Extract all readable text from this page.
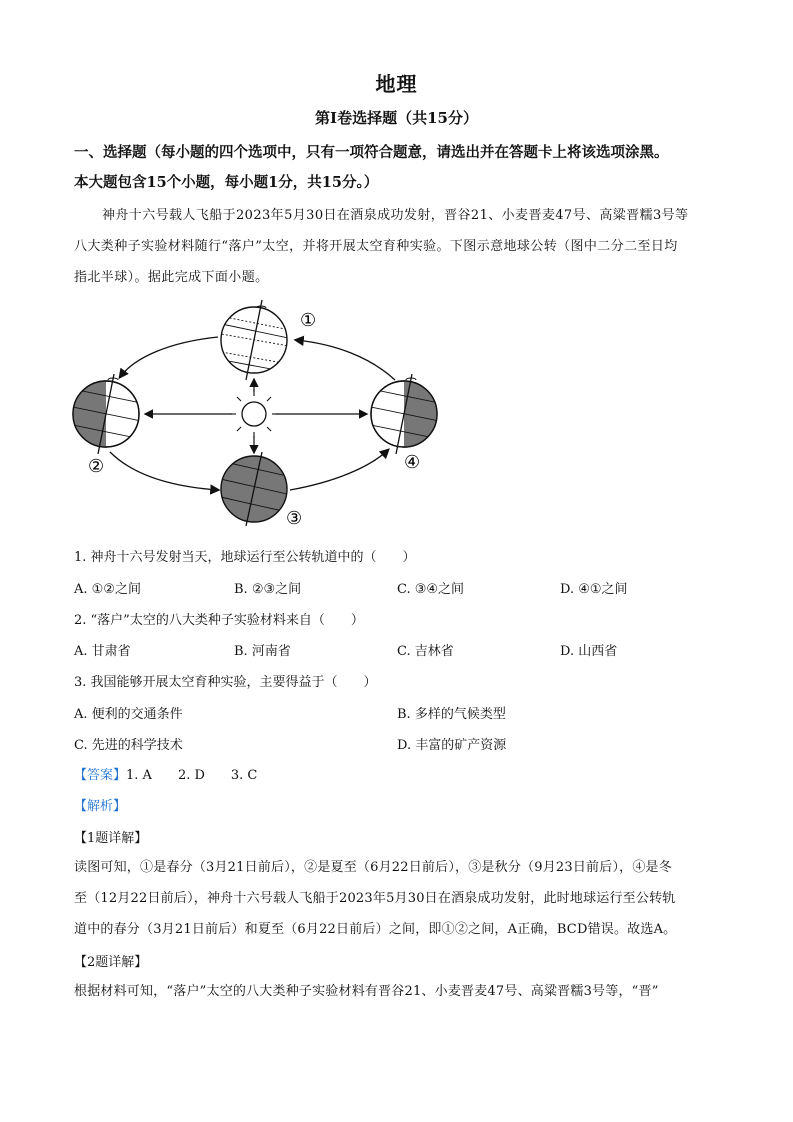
地理
第Ⅰ卷选择题（共15分）
一、选择题（每小题的四个选项中，只有一项符合题意，请选出并在答题卡上将该选项涂黑。
本大题包含15个小题，每小题1分，共15分。）
神舟十六号载人飞船于2023年5月30日在酒泉成功发射，晋谷21、小麦晋麦47号、高粱晋糯3号等
八大类种子实验材料随行“落户”太空，并将开展太空育种实验。下图示意地球公转（图中二分二至日均
指北半球）。据此完成下面小题。
①
②	④
③
1. 神舟十六号发射当天，地球运行至公转轨道中的（　　）
A. ①②之间	B. ②③之间	C. ③④之间	D. ④①之间
2. “落户”太空的八大类种子实验材料来自（　　）
A. 甘肃省	B. 河南省	C. 吉林省	D. 山西省
3. 我国能够开展太空育种实验，主要得益于（　　）
A. 便利的交通条件	B. 多样的气候类型
C. 先进的科学技术	D. 丰富的矿产资源
【答案】1. A　　2. D　　3. C
【解析】
【1题详解】
读图可知，①是春分（3月21日前后），②是夏至（6月22日前后），③是秋分（9月23日前后），④是冬
至（12月22日前后），神舟十六号载人飞船于2023年5月30日在酒泉成功发射，此时地球运行至公转轨
道中的春分（3月21日前后）和夏至（6月22日前后）之间，即①②之间，A正确，BCD错误。故选A。
【2题详解】
根据材料可知，“落户”太空的八大类种子实验材料有晋谷21、小麦晋麦47号、高粱晋糯3号等，“晋”
